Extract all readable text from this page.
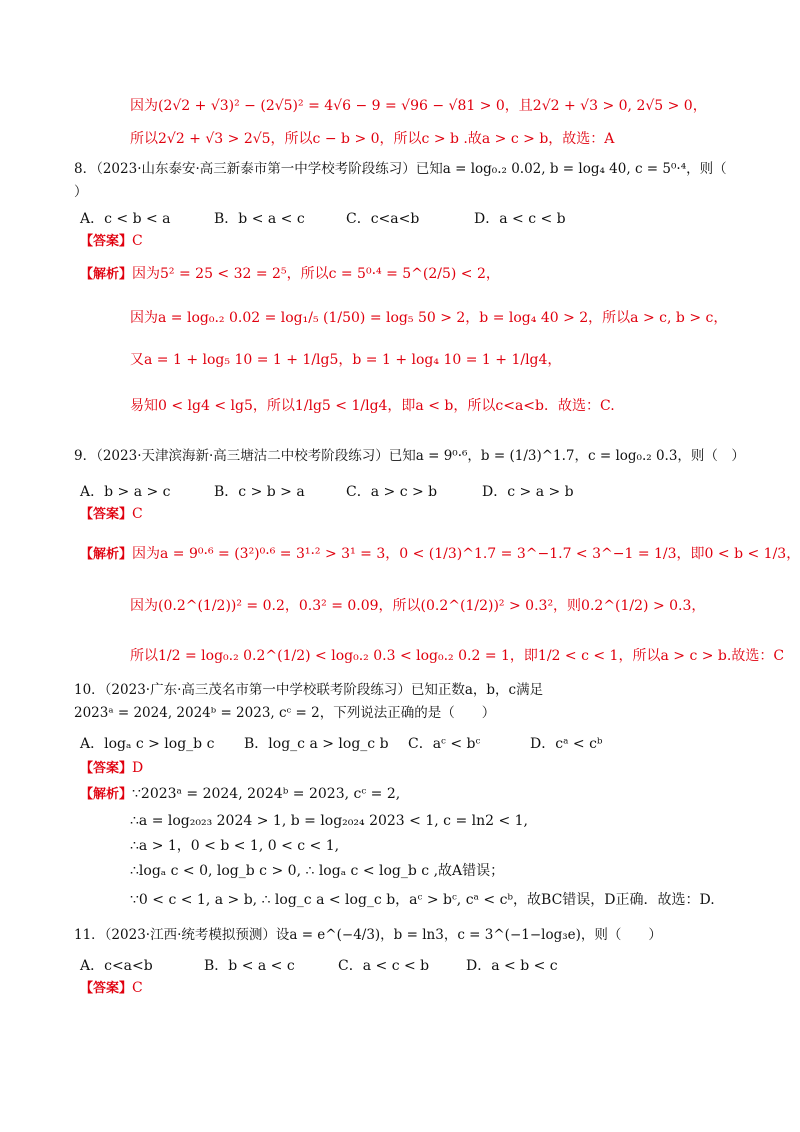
因为(2√2 + √3)² − (2√5)² = 4√6 − 9 = √96 − √81 > 0，且2√2 + √3 > 0, 2√5 > 0，
所以2√2 + √3 > 2√5，所以c − b > 0，所以c > b .故a > c > b，故选：A
8．（2023·山东泰安·高三新泰市第一中学校考阶段练习）已知a = log₀.₂ 0.02, b = log₄ 40, c = 5⁰·⁴，则（
）
A．c < b < a	B．b < a < c	C．c<a<b	D．a < c < b
【答案】C
【解析】因为5² = 25 < 32 = 2⁵，所以c = 5⁰·⁴ = 5^(2/5) < 2，
因为a = log₀.₂ 0.02 = log₁/₅ (1/50) = log₅ 50 > 2，b = log₄ 40 > 2，所以a > c, b > c，
又a = 1 + log₅ 10 = 1 + 1/lg5，b = 1 + log₄ 10 = 1 + 1/lg4，
易知0 < lg4 < lg5，所以1/lg5 < 1/lg4，即a < b，所以c<a<b．故选：C.
9．（2023·天津滨海新·高三塘沽二中校考阶段练习）已知a = 9⁰·⁶，b = (1/3)^1.7，c = log₀.₂ 0.3，则（　）
A．b > a > c	B．c > b > a	C．a > c > b	D．c > a > b
【答案】C
【解析】因为a = 9⁰·⁶ = (3²)⁰·⁶ = 3¹·² > 3¹ = 3，0 < (1/3)^1.7 = 3^−1.7 < 3^−1 = 1/3，即0 < b < 1/3，
因为(0.2^(1/2))² = 0.2，0.3² = 0.09，所以(0.2^(1/2))² > 0.3²，则0.2^(1/2) > 0.3，
所以1/2 = log₀.₂ 0.2^(1/2) < log₀.₂ 0.3 < log₀.₂ 0.2 = 1，即1/2 < c < 1，所以a > c > b.故选：C
10．（2023·广东·高三茂名市第一中学校联考阶段练习）已知正数a，b，c满足
2023ᵃ = 2024, 2024ᵇ = 2023, cᶜ = 2，下列说法正确的是（　　）
A．logₐ c > log_b c B．log_c a > log_c b C．aᶜ < bᶜ	D．cᵃ < cᵇ
【答案】D
【解析】∵2023ᵃ = 2024, 2024ᵇ = 2023, cᶜ = 2,
∴a = log₂₀₂₃ 2024 > 1, b = log₂₀₂₄ 2023 < 1, c = ln2 < 1,
∴a > 1，0 < b < 1, 0 < c < 1,
∴logₐ c < 0, log_b c > 0, ∴ logₐ c < log_b c ,故A错误；
∵0 < c < 1, a > b, ∴ log_c a < log_c b，aᶜ > bᶜ, cᵃ < cᵇ，故BC错误，D正确．故选：D.
11．（2023·江西·统考模拟预测）设a = e^(−4/3)，b = ln3，c = 3^(−1−log₃e)，则（　　）
A．c<a<b	B．b < a < c	C．a < c < b	D．a < b < c
【答案】C
